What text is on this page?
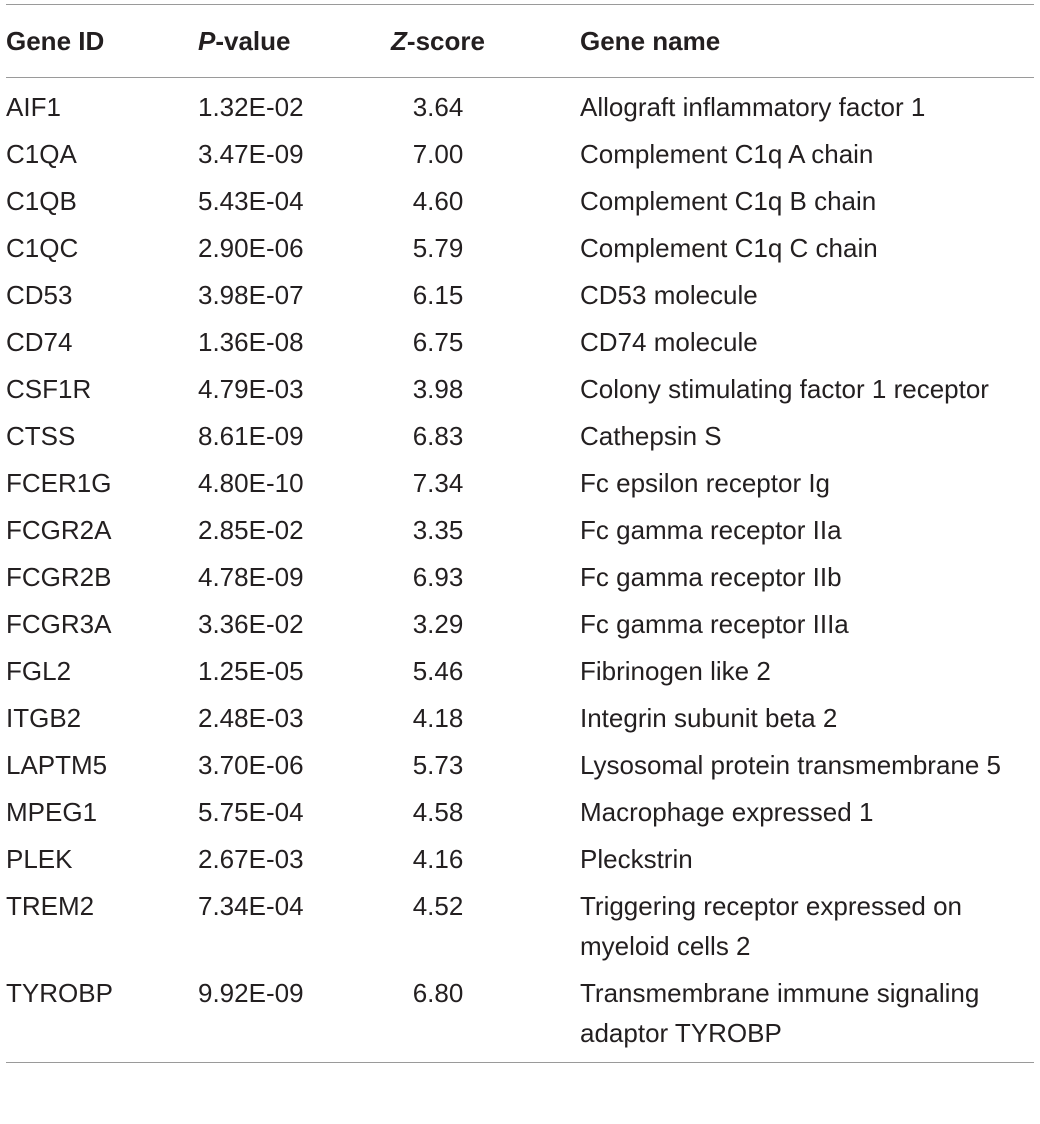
Gene ID	P-value	Z-score	Gene name
AIF1	1.32E-02	3.64	Allograft inflammatory factor 1
C1QA	3.47E-09	7.00	Complement C1q A chain
C1QB	5.43E-04	4.60	Complement C1q B chain
C1QC	2.90E-06	5.79	Complement C1q C chain
CD53	3.98E-07	6.15	CD53 molecule
CD74	1.36E-08	6.75	CD74 molecule
CSF1R	4.79E-03	3.98	Colony stimulating factor 1 receptor
CTSS	8.61E-09	6.83	Cathepsin S
FCER1G	4.80E-10	7.34	Fc epsilon receptor Ig
FCGR2A	2.85E-02	3.35	Fc gamma receptor IIa
FCGR2B	4.78E-09	6.93	Fc gamma receptor IIb
FCGR3A	3.36E-02	3.29	Fc gamma receptor IIIa
FGL2	1.25E-05	5.46	Fibrinogen like 2
ITGB2	2.48E-03	4.18	Integrin subunit beta 2
LAPTM5	3.70E-06	5.73	Lysosomal protein transmembrane 5
MPEG1	5.75E-04	4.58	Macrophage expressed 1
PLEK	2.67E-03	4.16	Pleckstrin
TREM2	7.34E-04	4.52	Triggering receptor expressed on myeloid cells 2
TYROBP	9.92E-09	6.80	Transmembrane immune signaling adaptor TYROBP
